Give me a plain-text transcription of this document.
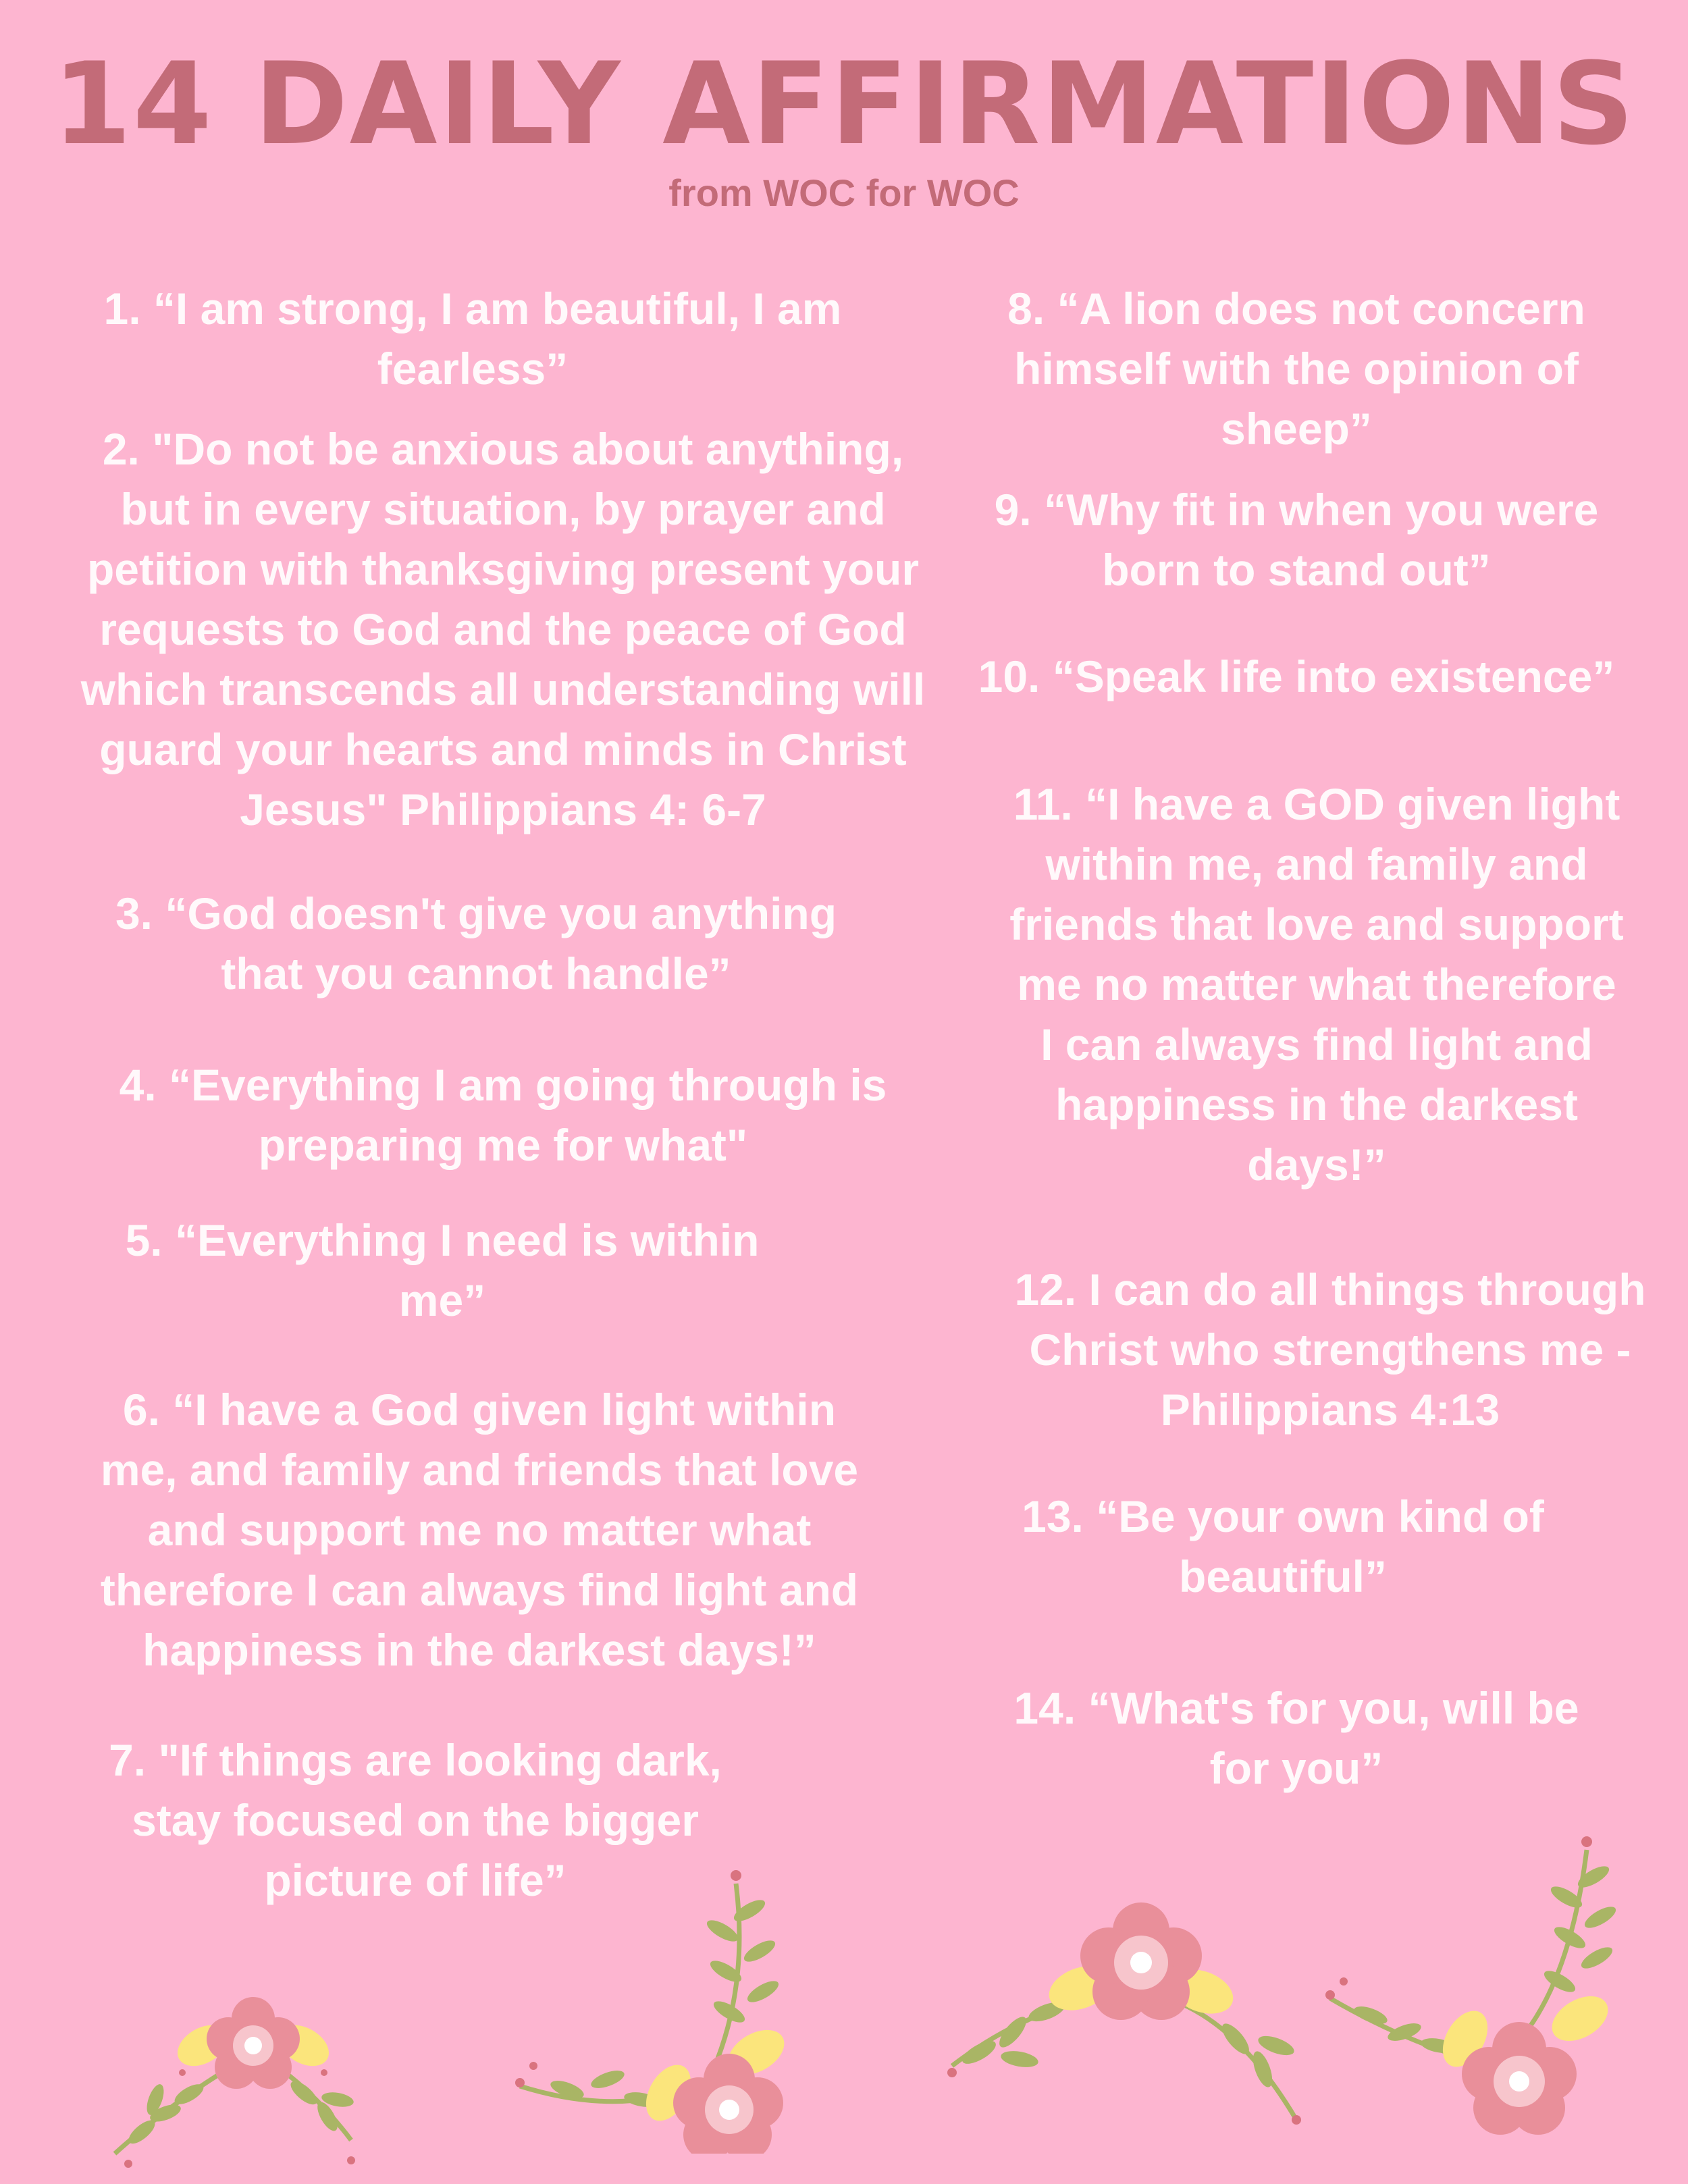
14 DAILY AFFIRMATIONS
from WOC for WOC

1. “I am strong, I am beautiful, I am
fearless”

2. "Do not be anxious about anything,
but in every situation, by prayer and
petition with thanksgiving present your
requests to God and the peace of God
which transcends all understanding will
guard your hearts and minds in Christ
Jesus" Philippians 4: 6-7

3. “God doesn't give you anything
that you cannot handle”

4. “Everything I am going through is
preparing me for what"

5. “Everything I need is within
me”

6. “I have a God given light within
me, and family and friends that love
and support me no matter what
therefore I can always find light and
happiness in the darkest days!”

7. "If things are looking dark,
stay focused on the bigger
picture of life”

8. “A lion does not concern
himself with the opinion of
sheep”

9. “Why fit in when you were
born to stand out”

10. “Speak life into existence”

11. “I have a GOD given light
within me, and family and
friends that love and support
me no matter what therefore
I can always find light and
happiness in the darkest
days!”

12. I can do all things through
Christ who strengthens me -
Philippians 4:13

13. “Be your own kind of
beautiful”

14. “What's for you, will be
for you”
